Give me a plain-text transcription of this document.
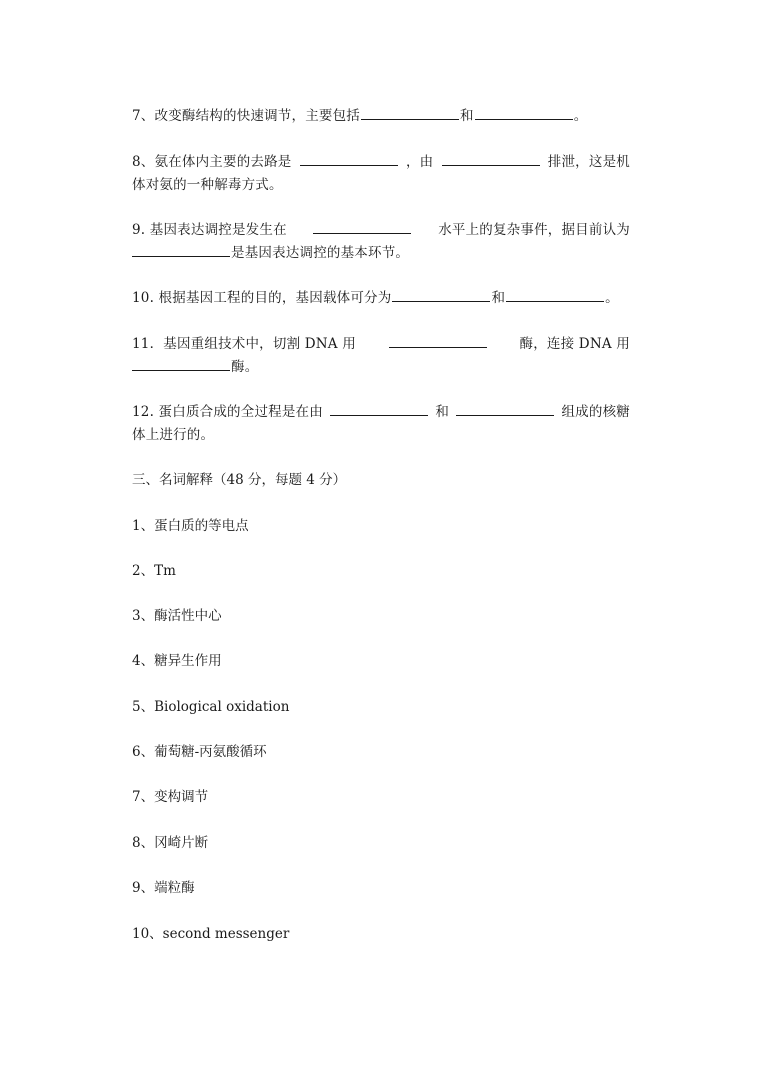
7、改变酶结构的快速调节，主要包括	和	。
8、氨在体内主要的去路是	，由	排泄，这是机
体对氨的一种解毒方式。
9. 基因表达调控是发生在	水平上的复杂事件，据目前认为
是基因表达调控的基本环节。
10. 根据基因工程的目的，基因载体可分为	和	。
11．基因重组技术中，切割 DNA 用	酶，连接 DNA 用
酶。
12. 蛋白质合成的全过程是在由	和	组成的核糖
体上进行的。
三、名词解释（48 分，每题 4 分）
1、蛋白质的等电点
2、Tm
3、酶活性中心
4、糖异生作用
5、Biological oxidation
6、葡萄糖-丙氨酸循环
7、变构调节
8、冈崎片断
9、端粒酶
10、second messenger
